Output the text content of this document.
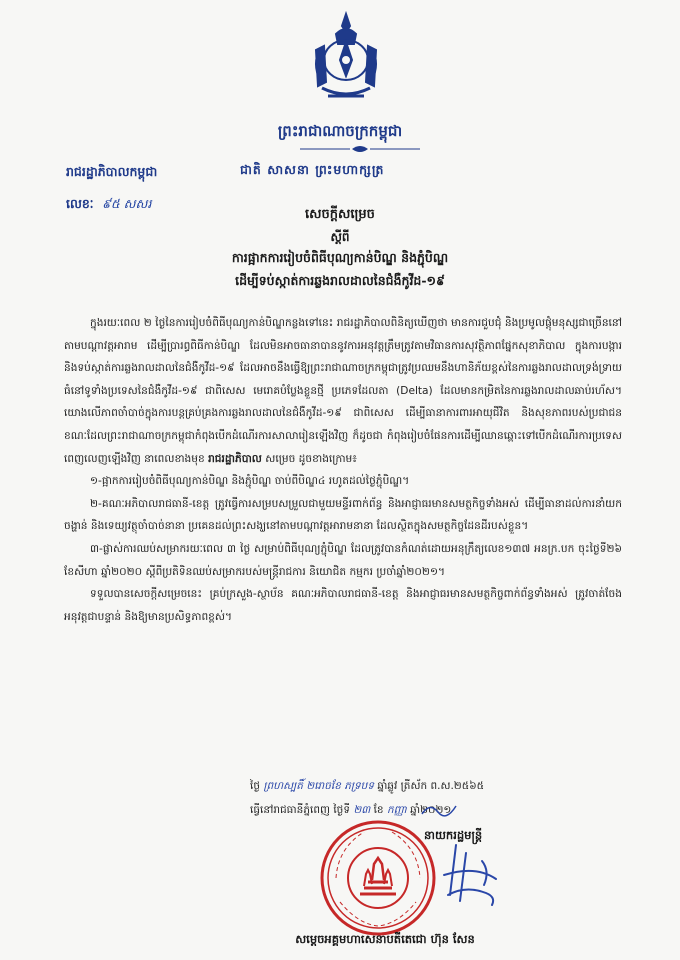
ព្រះរាជាណាចក្រកម្ពុជា
ជាតិ សាសនា ព្រះមហាក្សត្រ
រាជរដ្ឋាភិបាលកម្ពុជា
លេខៈ ៩៥ សសរ
សេចក្តីសម្រេច
ស្តីពី
ការផ្អាកការរៀបចំពិធីបុណ្យកាន់បិណ្ឌ និងភ្ជុំបិណ្ឌ
ដើម្បីទប់ស្កាត់ការឆ្លងរាលដាលនៃជំងឺកូវីដ-១៩

ក្នុងរយៈពេល ២ ថ្ងៃនៃការរៀបចំពិធីបុណ្យកាន់បិណ្ឌកន្លងទៅនេះ រាជរដ្ឋាភិបាលពិនិត្យឃើញថា មានការជួបជុំ និងប្រមូលផ្តុំមនុស្សជាច្រើននៅតាមបណ្តាវត្តអារាម ដើម្បីប្រារព្ធពិធីកាន់បិណ្ឌ ដែលមិនអាចធានាបាននូវការអនុវត្តត្រឹមត្រូវតាមវិធានការសុវត្ថិភាពផ្នែកសុខាភិបាល ក្នុងការបង្ការនិងទប់ស្កាត់ការឆ្លងរាលដាលនៃជំងឺកូវីដ-១៩ ដែលអាចនឹងធ្វើឱ្យព្រះរាជាណាចក្រកម្ពុជាត្រូវប្រឈមនឹងហានិភ័យខ្ពស់នៃការឆ្លងរាលដាលទ្រង់ទ្រាយធំនៅទូទាំងប្រទេសនៃជំងឺកូវីដ-១៩ ជាពិសេស មេរោគបំប្លែងខ្លួនថ្មី ប្រភេទដែលតា (Delta) ដែលមានកម្រិតនៃការឆ្លងរាលដាលឆាប់រហ័ស។ យោងលើភាពចាំបាច់ក្នុងការបន្តគ្រប់គ្រងការឆ្លងរាលដាលនៃជំងឺកូវីដ-១៩ ជាពិសេស ដើម្បីធានាការពារអាយុជីវិត និងសុខភាពរបស់ប្រជាជន ខណៈដែលព្រះរាជាណាចក្រកម្ពុជាកំពុងបើកដំណើរការសាលារៀនឡើងវិញ ក៏ដូចជា កំពុងរៀបចំផែនការដើម្បីឈានឆ្ពោះទៅបើកដំណើរការប្រទេសពេញលេញឡើងវិញ នាពេលខាងមុខ រាជរដ្ឋាភិបាល សម្រេច ដូចខាងក្រោម៖

១-ផ្អាកការរៀបចំពិធីបុណ្យកាន់បិណ្ឌ និងភ្ជុំបិណ្ឌ ចាប់ពីបិណ្ឌ៤ រហូតដល់ថ្ងៃភ្ជុំបិណ្ឌ។

២-គណៈអភិបាលរាជធានី-ខេត្ត ត្រូវធ្វើការសម្របសម្រួលជាមួយមន្ទីរពាក់ព័ន្ធ និងអាជ្ញាធរមានសមត្ថកិច្ចទាំងអស់ ដើម្បីធានាដល់ការនាំយកចង្ហាន់ និងទេយ្យវត្ថុចាំបាច់នានា ប្រគេនដល់ព្រះសង្ឃនៅតាមបណ្តាវត្តអារាមនានា ដែលស្ថិតក្នុងសមត្ថកិច្ចដែនដីរបស់ខ្លួន។

៣-ផ្លាស់ការឈប់សម្រាករយៈពេល ៣ ថ្ងៃ សម្រាប់ពិធីបុណ្យភ្ជុំបិណ្ឌ ដែលត្រូវបានកំណត់ដោយអនុក្រឹត្យលេខ១៣៧ អនក្រ.បក ចុះថ្ងៃទី២៦ ខែសីហា ឆ្នាំ២០២០ ស្តីពីប្រតិទិនឈប់សម្រាករបស់មន្ត្រីរាជការ និយោជិត កម្មករ ប្រចាំឆ្នាំ២០២១។

ទទួលបានសេចក្តីសម្រេចនេះ គ្រប់ក្រសួង-ស្ថាប័ន គណៈអភិបាលរាជធានី-ខេត្ត និងអាជ្ញាធរមានសមត្ថកិច្ចពាក់ព័ន្ធទាំងអស់ ត្រូវចាត់ចែងអនុវត្តជាបន្ទាន់ និងឱ្យមានប្រសិទ្ធភាពខ្ពស់។

ថ្ងៃ ព្រហស្បតិ៍ ២រោចខែ ភទ្របទ ឆ្នាំឆ្លូវ ត្រីស័ក ព.ស.២៥៦៥
ធ្វើនៅរាជធានីភ្នំពេញ ថ្ងៃទី ២៣ ខែ កញ្ញា ឆ្នាំ២០២១
នាយករដ្ឋមន្ត្រី
សម្តេចអគ្គមហាសេនាបតីតេជោ ហ៊ុន សែន
